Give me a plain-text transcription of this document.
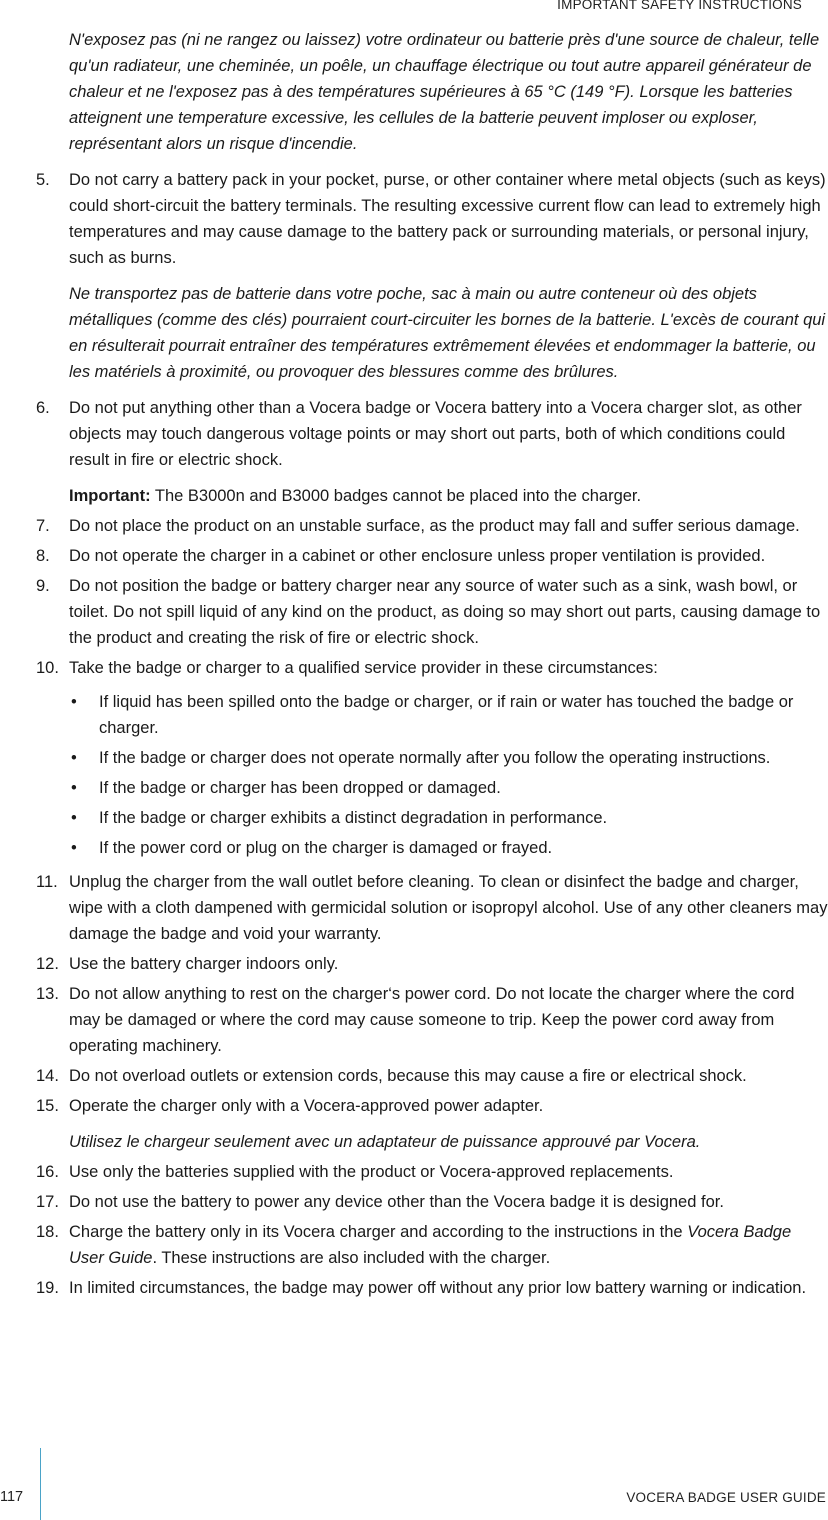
IMPORTANT SAFETY INSTRUCTIONS

N'exposez pas (ni ne rangez ou laissez) votre ordinateur ou batterie près d'une source de chaleur, telle qu'un radiateur, une cheminée, un poêle, un chauffage électrique ou tout autre appareil générateur de chaleur et ne l'exposez pas à des températures supérieures à 65 °C (149 °F). Lorsque les batteries atteignent une temperature excessive, les cellules de la batterie peuvent imploser ou exploser, représentant alors un risque d'incendie.

5. Do not carry a battery pack in your pocket, purse, or other container where metal objects (such as keys) could short-circuit the battery terminals. The resulting excessive current flow can lead to extremely high temperatures and may cause damage to the battery pack or surrounding materials, or personal injury, such as burns.

Ne transportez pas de batterie dans votre poche, sac à main ou autre conteneur où des objets métalliques (comme des clés) pourraient court-circuiter les bornes de la batterie. L'excès de courant qui en résulterait pourrait entraîner des températures extrêmement élevées et endommager la batterie, ou les matériels à proximité, ou provoquer des blessures comme des brûlures.

6. Do not put anything other than a Vocera badge or Vocera battery into a Vocera charger slot, as other objects may touch dangerous voltage points or may short out parts, both of which conditions could result in fire or electric shock.

Important: The B3000n and B3000 badges cannot be placed into the charger.

7. Do not place the product on an unstable surface, as the product may fall and suffer serious damage.
8. Do not operate the charger in a cabinet or other enclosure unless proper ventilation is provided.
9. Do not position the badge or battery charger near any source of water such as a sink, wash bowl, or toilet. Do not spill liquid of any kind on the product, as doing so may short out parts, causing damage to the product and creating the risk of fire or electric shock.
10. Take the badge or charger to a qualified service provider in these circumstances:
• If liquid has been spilled onto the badge or charger, or if rain or water has touched the badge or charger.
• If the badge or charger does not operate normally after you follow the operating instructions.
• If the badge or charger has been dropped or damaged.
• If the badge or charger exhibits a distinct degradation in performance.
• If the power cord or plug on the charger is damaged or frayed.
11. Unplug the charger from the wall outlet before cleaning. To clean or disinfect the badge and charger, wipe with a cloth dampened with germicidal solution or isopropyl alcohol. Use of any other cleaners may damage the badge and void your warranty.
12. Use the battery charger indoors only.
13. Do not allow anything to rest on the charger‘s power cord. Do not locate the charger where the cord may be damaged or where the cord may cause someone to trip. Keep the power cord away from operating machinery.
14. Do not overload outlets or extension cords, because this may cause a fire or electrical shock.
15. Operate the charger only with a Vocera-approved power adapter.

Utilisez le chargeur seulement avec un adaptateur de puissance approuvé par Vocera.

16. Use only the batteries supplied with the product or Vocera-approved replacements.
17. Do not use the battery to power any device other than the Vocera badge it is designed for.
18. Charge the battery only in its Vocera charger and according to the instructions in the Vocera Badge User Guide. These instructions are also included with the charger.
19. In limited circumstances, the badge may power off without any prior low battery warning or indication.
117	VOCERA BADGE USER GUIDE
